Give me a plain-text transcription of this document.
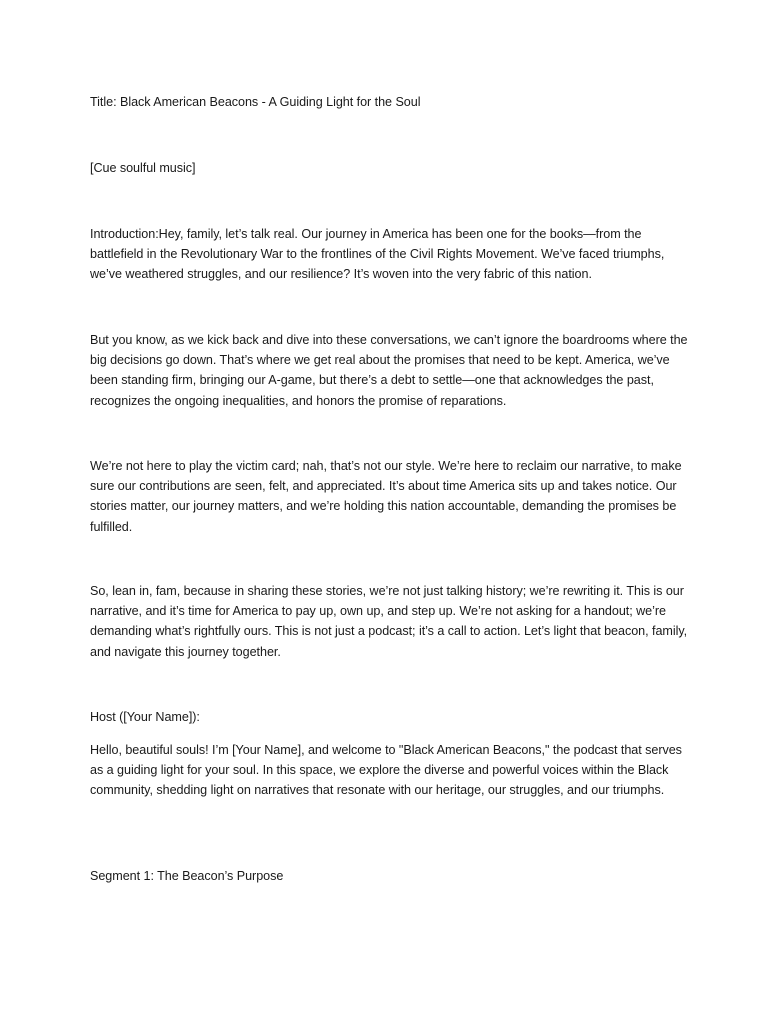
Title: Black American Beacons - A Guiding Light for the Soul

[Cue soulful music]

Introduction:Hey, family, let’s talk real. Our journey in America has been one for the books—from the battlefield in the Revolutionary War to the frontlines of the Civil Rights Movement. We’ve faced triumphs, we’ve weathered struggles, and our resilience? It’s woven into the very fabric of this nation.

But you know, as we kick back and dive into these conversations, we can’t ignore the boardrooms where the big decisions go down. That’s where we get real about the promises that need to be kept. America, we’ve been standing firm, bringing our A-game, but there’s a debt to settle—one that acknowledges the past, recognizes the ongoing inequalities, and honors the promise of reparations.

We’re not here to play the victim card; nah, that’s not our style. We’re here to reclaim our narrative, to make sure our contributions are seen, felt, and appreciated. It’s about time America sits up and takes notice. Our stories matter, our journey matters, and we’re holding this nation accountable, demanding the promises be fulfilled.

So, lean in, fam, because in sharing these stories, we’re not just talking history; we’re rewriting it. This is our narrative, and it’s time for America to pay up, own up, and step up. We’re not asking for a handout; we’re demanding what’s rightfully ours. This is not just a podcast; it’s a call to action. Let’s light that beacon, family, and navigate this journey together.

Host ([Your Name]):

Hello, beautiful souls! I’m [Your Name], and welcome to "Black American Beacons," the podcast that serves as a guiding light for your soul. In this space, we explore the diverse and powerful voices within the Black community, shedding light on narratives that resonate with our heritage, our struggles, and our triumphs.

Segment 1: The Beacon’s Purpose
